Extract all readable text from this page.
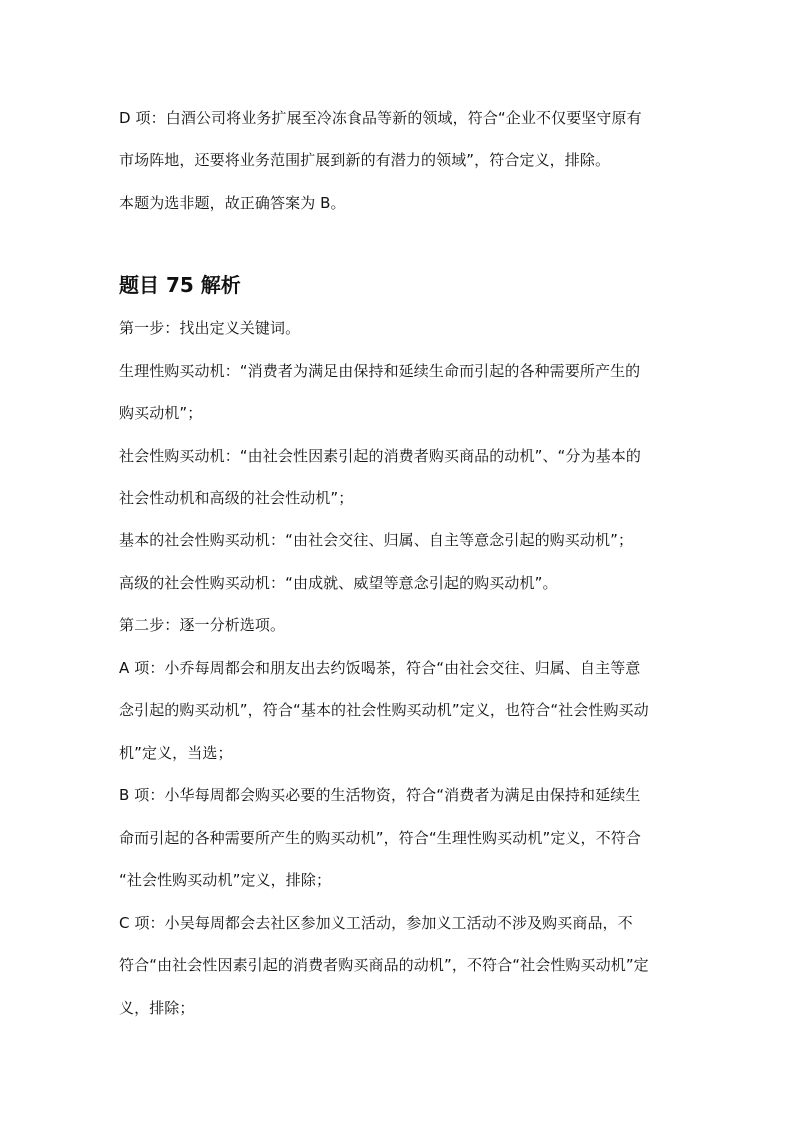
D 项：白酒公司将业务扩展至冷冻食品等新的领域，符合“企业不仅要坚守原有
市场阵地，还要将业务范围扩展到新的有潜力的领域”，符合定义，排除。
本题为选非题，故正确答案为 B。
题目 75 解析
第一步：找出定义关键词。
生理性购买动机：“消费者为满足由保持和延续生命而引起的各种需要所产生的
购买动机”；
社会性购买动机：“由社会性因素引起的消费者购买商品的动机”、“分为基本的
社会性动机和高级的社会性动机”；
基本的社会性购买动机：“由社会交往、归属、自主等意念引起的购买动机”；
高级的社会性购买动机：“由成就、威望等意念引起的购买动机”。
第二步：逐一分析选项。
A 项：小乔每周都会和朋友出去约饭喝茶，符合“由社会交往、归属、自主等意
念引起的购买动机”，符合“基本的社会性购买动机”定义，也符合“社会性购买动
机”定义，当选；
B 项：小华每周都会购买必要的生活物资，符合“消费者为满足由保持和延续生
命而引起的各种需要所产生的购买动机”，符合“生理性购买动机”定义，不符合
“社会性购买动机”定义，排除；
C 项：小吴每周都会去社区参加义工活动，参加义工活动不涉及购买商品，不
符合“由社会性因素引起的消费者购买商品的动机”，不符合“社会性购买动机”定
义，排除；
